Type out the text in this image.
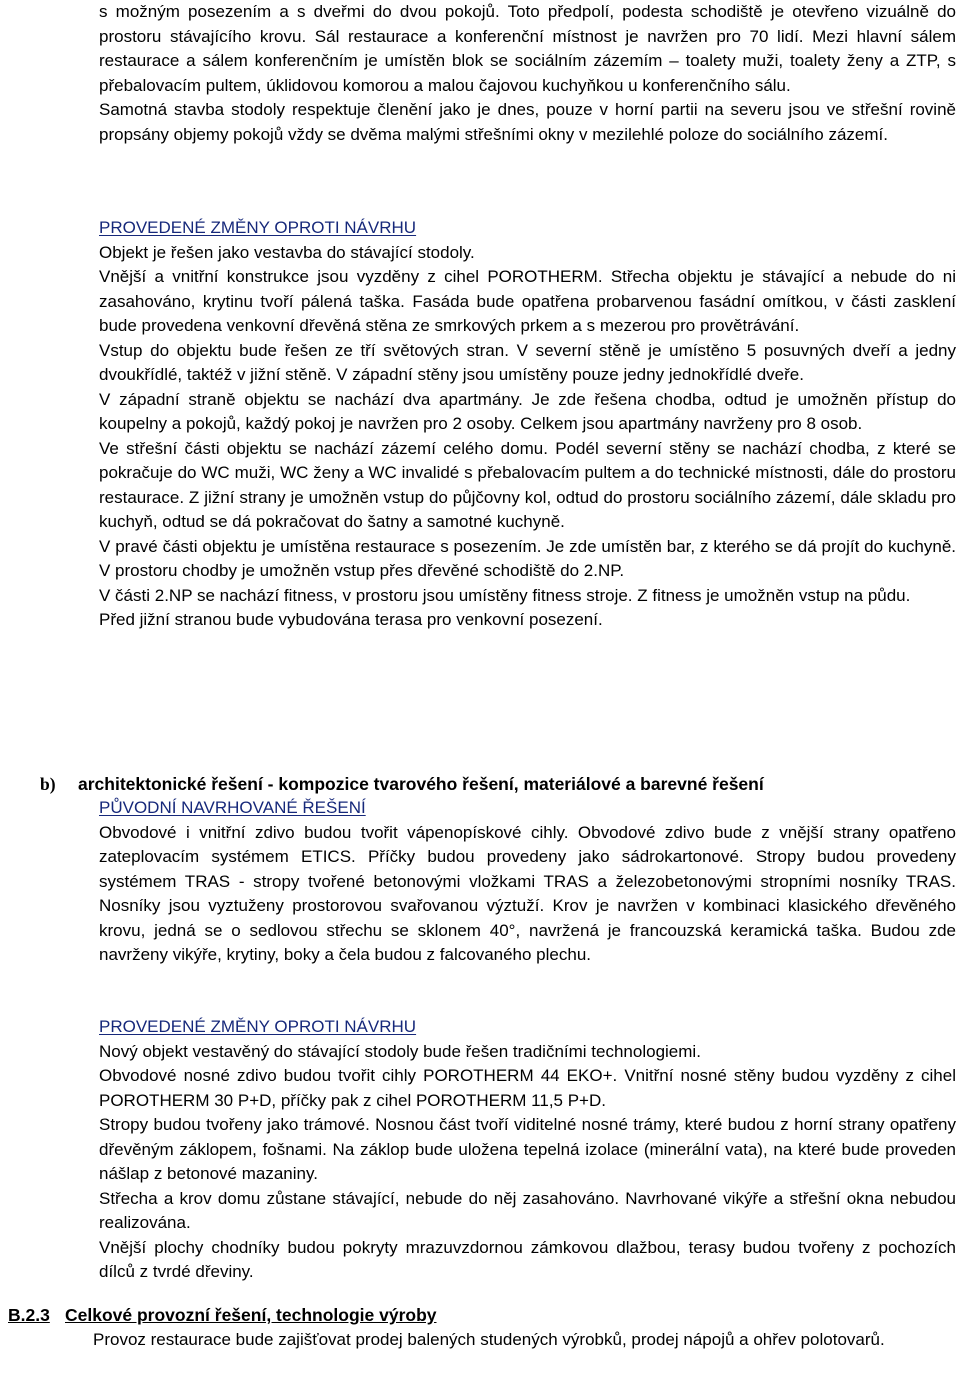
s možným posezením a s dveřmi do dvou pokojů. Toto předpolí, podesta schodiště je otevřeno vizuálně do prostoru stávajícího krovu. Sál restaurace a konferenční místnost je navržen pro 70 lidí. Mezi hlavní sálem restaurace a sálem konferenčním je umístěn blok se sociálním zázemím – toalety muži, toalety ženy a ZTP, s přebalovacím pultem, úklidovou komorou a malou čajovou kuchyňkou u konferenčního sálu.

Samotná stavba stodoly respektuje členění jako je dnes, pouze v horní partii na severu jsou ve střešní rovině propsány objemy pokojů vždy se dvěma malými střešními okny v mezilehlé poloze do sociálního zázemí.

PROVEDENÉ ZMĚNY OPROTI NÁVRHU

Objekt je řešen jako vestavba do stávající stodoly.

Vnější a vnitřní konstrukce jsou vyzděny z cihel POROTHERM. Střecha objektu je stávající a nebude do ni zasahováno, krytinu tvoří pálená taška. Fasáda bude opatřena probarvenou fasádní omítkou, v části zasklení bude provedena venkovní dřevěná stěna ze smrkových prkem a s mezerou pro provětrávání.

Vstup do objektu bude řešen ze tří světových stran. V severní stěně je umístěno 5 posuvných dveří a jedny dvoukřídlé, taktéž v jižní stěně. V západní stěny jsou umístěny pouze jedny jednokřídlé dveře.

V západní straně objektu se nachází dva apartmány. Je zde řešena chodba, odtud je umožněn přístup do koupelny a pokojů, každý pokoj je navržen pro 2 osoby. Celkem jsou apartmány navrženy pro 8 osob.

Ve střešní části objektu se nachází zázemí celého domu. Podél severní stěny se nachází chodba, z které se pokračuje do WC muži, WC ženy a WC invalidé s přebalovacím pultem a do technické místnosti, dále do prostoru restaurace. Z jižní strany je umožněn vstup do půjčovny kol, odtud do prostoru sociálního zázemí, dále skladu pro kuchyň, odtud se dá pokračovat do šatny a samotné kuchyně.

V pravé části objektu je umístěna restaurace s posezením. Je zde umístěn bar, z kterého se dá projít do kuchyně. V prostoru chodby je umožněn vstup přes dřevěné schodiště do 2.NP.

V části 2.NP se nachází fitness, v prostoru jsou umístěny fitness stroje. Z fitness je umožněn vstup na půdu.

Před jižní stranou bude vybudována terasa pro venkovní posezení.

b) architektonické řešení - kompozice tvarového řešení, materiálové a barevné řešení

PŮVODNÍ NAVRHOVANÉ ŘEŠENÍ

Obvodové i vnitřní zdivo budou tvořit vápenopískové cihly. Obvodové zdivo bude z vnější strany opatřeno zateplovacím systémem ETICS. Příčky budou provedeny jako sádrokartonové. Stropy budou provedeny systémem TRAS - stropy tvořené betonovými vložkami TRAS a železobetonovými stropními nosníky TRAS. Nosníky jsou vyztuženy prostorovou svařovanou výztuží. Krov je navržen v kombinaci klasického dřevěného krovu, jedná se o sedlovou střechu se sklonem 40°, navržená je francouzská keramická taška. Budou zde navrženy vikýře, krytiny, boky a čela budou z falcovaného plechu.

PROVEDENÉ ZMĚNY OPROTI NÁVRHU

Nový objekt vestavěný do stávající stodoly bude řešen tradičními technologiemi.

Obvodové nosné zdivo budou tvořit cihly POROTHERM 44 EKO+. Vnitřní nosné stěny budou vyzděny z cihel POROTHERM 30 P+D, příčky pak z cihel POROTHERM 11,5 P+D.

Stropy budou tvořeny jako trámové. Nosnou část tvoří viditelné nosné trámy, které budou z horní strany opatřeny dřevěným záklopem, fošnami. Na záklop bude uložena tepelná izolace (minerální vata), na které bude proveden nášlap z betonové mazaniny.

Střecha a krov domu zůstane stávající, nebude do něj zasahováno. Navrhované vikýře a střešní okna nebudou realizována.

Vnější plochy chodníky budou pokryty mrazuvzdornou zámkovou dlažbou, terasy budou tvořeny z pochozích dílců z tvrdé dřeviny.

B.2.3 Celkové provozní řešení, technologie výroby

Provoz restaurace bude zajišťovat prodej balených studených výrobků, prodej nápojů a ohřev polotovarů.
